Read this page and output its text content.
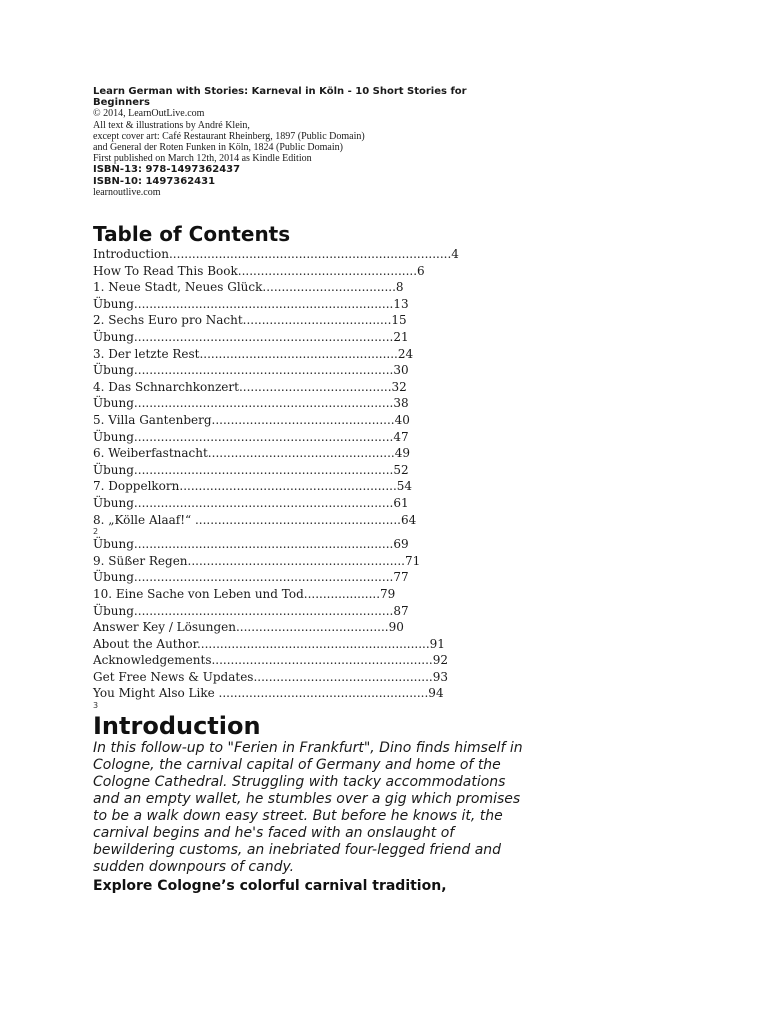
Learn German with Stories: Karneval in Köln - 10 Short Stories for Beginners
© 2014, LearnOutLive.com
All text & illustrations by André Klein,
except cover art: Café Restaurant Rheinberg, 1897 (Public Domain)
and General der Roten Funken in Köln, 1824 (Public Domain)
First published on March 12th, 2014 as Kindle Edition
ISBN-13: 978-1497362437
ISBN-10: 1497362431
learnoutlive.com
Table of Contents
Introduction..........................................................................4
How To Read This Book...............................................6
1. Neue Stadt, Neues Glück...................................8
Übung....................................................................13
2. Sechs Euro pro Nacht.......................................15
Übung....................................................................21
3. Der letzte Rest....................................................24
Übung....................................................................30
4. Das Schnarchkonzert........................................32
Übung....................................................................38
5. Villa Gantenberg................................................40
Übung....................................................................47
6. Weiberfastnacht.................................................49
Übung....................................................................52
7. Doppelkorn.........................................................54
Übung....................................................................61
8. „Kölle Alaaf!“ ......................................................64
2
Übung....................................................................69
9. Süßer Regen.........................................................71
Übung....................................................................77
10. Eine Sache von Leben und Tod....................79
Übung....................................................................87
Answer Key / Lösungen........................................90
About the Author.............................................................91
Acknowledgements..........................................................92
Get Free News & Updates...............................................93
You Might Also Like .......................................................94
3
Introduction
In this follow-up to "Ferien in Frankfurt", Dino finds himself in Cologne, the carnival capital of Germany and home of the Cologne Cathedral. Struggling with tacky accommodations and an empty wallet, he stumbles over a gig which promises to be a walk down easy street. But before he knows it, the carnival begins and he's faced with an onslaught of bewildering customs, an inebriated four-legged friend and sudden downpours of candy.
Explore Cologne’s colorful carnival tradition,
